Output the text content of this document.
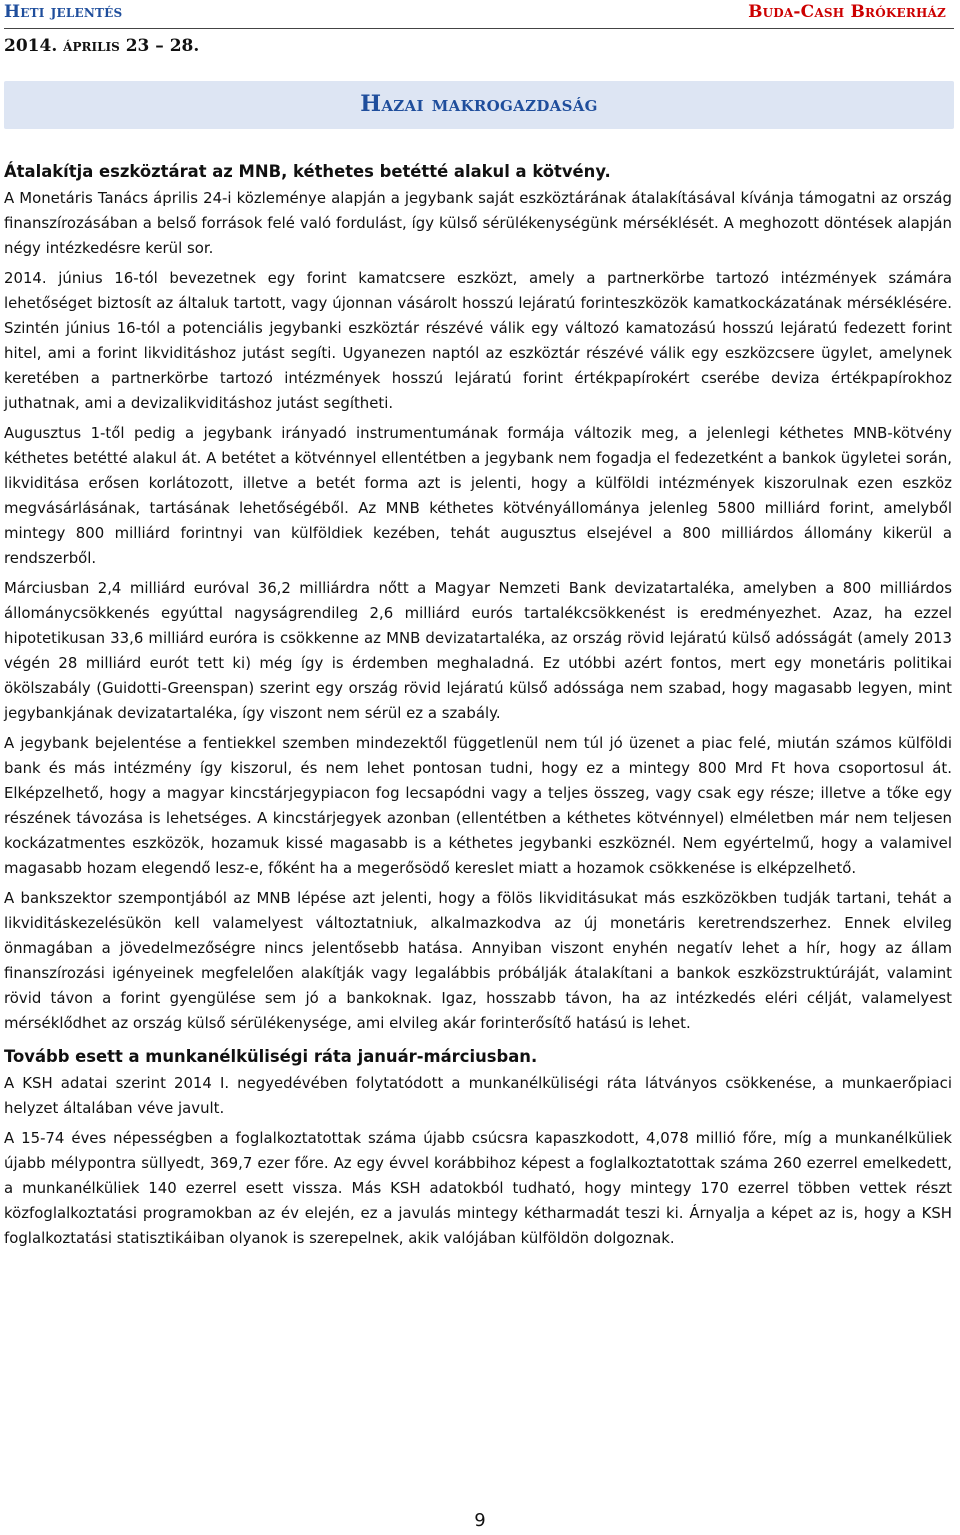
Heti jelentés	Buda-Cash Brókerház
2014. április 23 – 28.
Hazai makrogazdaság
Átalakítja eszköztárat az MNB, kéthetes betétté alakul a kötvény.

A Monetáris Tanács április 24-i közleménye alapján a jegybank saját eszköztárának átalakításával kívánja támogatni az ország finanszírozásában a belső források felé való fordulást, így külső sérülékenységünk mérséklését. A meghozott döntések alapján négy intézkedésre kerül sor.

2014. június 16-tól bevezetnek egy forint kamatcsere eszközt, amely a partnerkörbe tartozó intézmények számára lehetőséget biztosít az általuk tartott, vagy újonnan vásárolt hosszú lejáratú forinteszközök kamatkockázatának mérséklésére. Szintén június 16-tól a potenciális jegybanki eszköztár részévé válik egy változó kamatozású hosszú lejáratú fedezett forint hitel, ami a forint likviditáshoz jutást segíti. Ugyanezen naptól az eszköztár részévé válik egy eszközcsere ügylet, amelynek keretében a partnerkörbe tartozó intézmények hosszú lejáratú forint értékpapírokért cserébe deviza értékpapírokhoz juthatnak, ami a devizalikviditáshoz jutást segítheti.

Augusztus 1-től pedig a jegybank irányadó instrumentumának formája változik meg, a jelenlegi kéthetes MNB-kötvény kéthetes betétté alakul át. A betétet a kötvénnyel ellentétben a jegybank nem fogadja el fedezetként a bankok ügyletei során, likviditása erősen korlátozott, illetve a betét forma azt is jelenti, hogy a külföldi intézmények kiszorulnak ezen eszköz megvásárlásának, tartásának lehetőségéből. Az MNB kéthetes kötvényállománya jelenleg 5800 milliárd forint, amelyből mintegy 800 milliárd forintnyi van külföldiek kezében, tehát augusztus elsejével a 800 milliárdos állomány kikerül a rendszerből.

Márciusban 2,4 milliárd euróval 36,2 milliárdra nőtt a Magyar Nemzeti Bank devizatartaléka, amelyben a 800 milliárdos állománycsökkenés egyúttal nagyságrendileg 2,6 milliárd eurós tartalékcsökkenést is eredményezhet. Azaz, ha ezzel hipotetikusan 33,6 milliárd euróra is csökkenne az MNB devizatartaléka, az ország rövid lejáratú külső adósságát (amely 2013 végén 28 milliárd eurót tett ki) még így is érdemben meghaladná. Ez utóbbi azért fontos, mert egy monetáris politikai ökölszabály (Guidotti-Greenspan) szerint egy ország rövid lejáratú külső adóssága nem szabad, hogy magasabb legyen, mint jegybankjának devizatartaléka, így viszont nem sérül ez a szabály.

A jegybank bejelentése a fentiekkel szemben mindezektől függetlenül nem túl jó üzenet a piac felé, miután számos külföldi bank és más intézmény így kiszorul, és nem lehet pontosan tudni, hogy ez a mintegy 800 Mrd Ft hova csoportosul át. Elképzelhető, hogy a magyar kincstárjegypiacon fog lecsapódni vagy a teljes összeg, vagy csak egy része; illetve a tőke egy részének távozása is lehetséges. A kincstárjegyek azonban (ellentétben a kéthetes kötvénnyel) elméletben már nem teljesen kockázatmentes eszközök, hozamuk kissé magasabb is a kéthetes jegybanki eszköznél. Nem egyértelmű, hogy a valamivel magasabb hozam elegendő lesz-e, főként ha a megerősödő kereslet miatt a hozamok csökkenése is elképzelhető.

A bankszektor szempontjából az MNB lépése azt jelenti, hogy a fölös likviditásukat más eszközökben tudják tartani, tehát a likviditáskezelésükön kell valamelyest változtatniuk, alkalmazkodva az új monetáris keretrendszerhez. Ennek elvileg önmagában a jövedelmezőségre nincs jelentősebb hatása. Annyiban viszont enyhén negatív lehet a hír, hogy az állam finanszírozási igényeinek megfelelően alakítják vagy legalábbis próbálják átalakítani a bankok eszközstruktúráját, valamint rövid távon a forint gyengülése sem jó a bankoknak. Igaz, hosszabb távon, ha az intézkedés eléri célját, valamelyest mérséklődhet az ország külső sérülékenysége, ami elvileg akár forinterősítő hatású is lehet.

Tovább esett a munkanélküliségi ráta január-márciusban.

A KSH adatai szerint 2014 I. negyedévében folytatódott a munkanélküliségi ráta látványos csökkenése, a munkaerőpiaci helyzet általában véve javult.

A 15-74 éves népességben a foglalkoztatottak száma újabb csúcsra kapaszkodott, 4,078 millió főre, míg a munkanélküliek újabb mélypontra süllyedt, 369,7 ezer főre. Az egy évvel korábbihoz képest a foglalkoztatottak száma 260 ezerrel emelkedett, a munkanélküliek 140 ezerrel esett vissza. Más KSH adatokból tudható, hogy mintegy 170 ezerrel többen vettek részt közfoglalkoztatási programokban az év elején, ez a javulás mintegy kétharmadát teszi ki. Árnyalja a képet az is, hogy a KSH foglalkoztatási statisztikáiban olyanok is szerepelnek, akik valójában külföldön dolgoznak.

9
